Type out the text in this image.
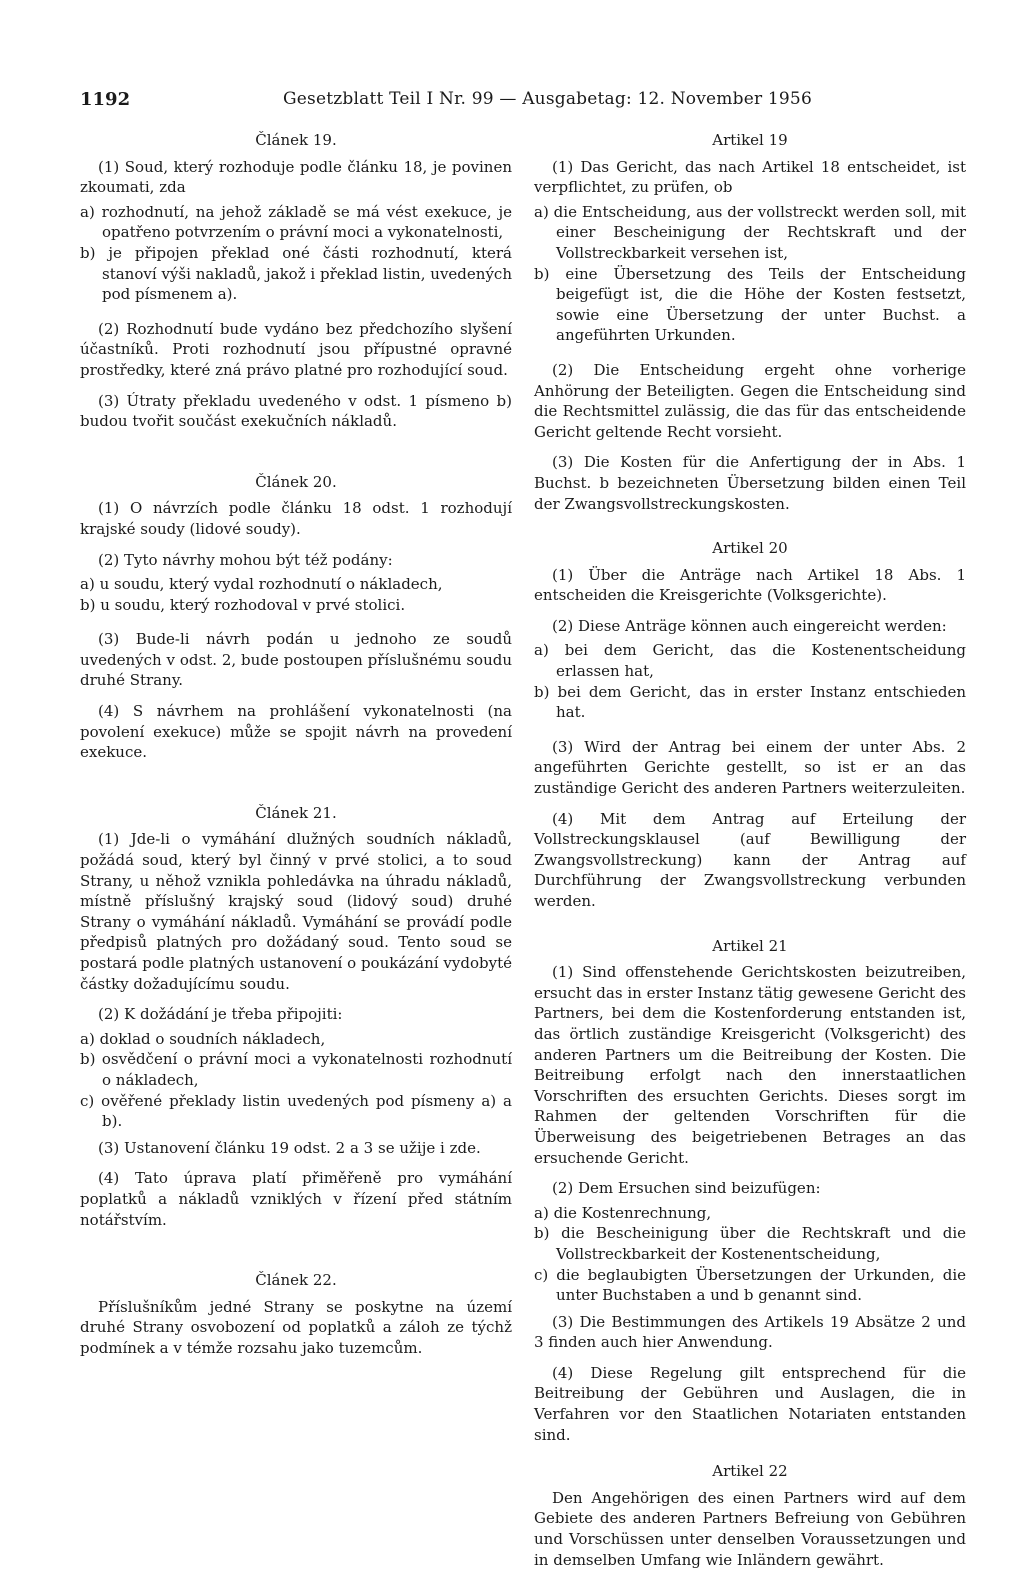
1192	Gesetzblatt Teil I Nr. 99 — Ausgabetag: 12. November 1956
Článek 19.

(1) Soud, který rozhoduje podle článku 18, je povinen zkoumati, zda

a) rozhodnutí, na jehož základě se má vést exekuce, je opatřeno potvrzením o právní moci a vykonatelnosti,

b) je připojen překlad oné části rozhodnutí, která stanoví výši nakladů, jakož i překlad listin, uvedených pod písmenem a).

(2) Rozhodnutí bude vydáno bez předchozího slyšení účastníků. Proti rozhodnutí jsou přípustné opravné prostředky, které zná právo platné pro rozhodující soud.

(3) Útraty překladu uvedeného v odst. 1 písmeno b) budou tvořit součást exekučních nákladů.

Článek 20.

(1) O návrzích podle článku 18 odst. 1 rozhodují krajské soudy (lidové soudy).

(2) Tyto návrhy mohou být též podány:

a) u soudu, který vydal rozhodnutí o nákladech,

b) u soudu, který rozhodoval v prvé stolici.

(3) Bude-li návrh podán u jednoho ze soudů uvedených v odst. 2, bude postoupen příslušnému soudu druhé Strany.

(4) S návrhem na prohlášení vykonatelnosti (na povolení exekuce) může se spojit návrh na provedení exekuce.

Článek 21.

(1) Jde-li o vymáhání dlužných soudních nákladů, požádá soud, který byl činný v prvé stolici, a to soud Strany, u něhož vznikla pohledávka na úhradu nákladů, místně příslušný krajský soud (lidový soud) druhé Strany o vymáhání nákladů. Vymáhání se provádí podle předpisů platných pro dožádaný soud. Tento soud se postará podle platných ustanovení o poukázání vydobyté částky dožadujícímu soudu.

(2) K dožádání je třeba připojiti:

a) doklad o soudních nákladech,

b) osvědčení o právní moci a vykonatelnosti rozhodnutí o nákladech,

c) ověřené překlady listin uvedených pod písmeny a) a b).

(3) Ustanovení článku 19 odst. 2 a 3 se užije i zde.

(4) Tato úprava platí přiměřeně pro vymáhání poplatků a nákladů vzniklých v řízení před státním notářstvím.

Článek 22.

Příslušníkům jedné Strany se poskytne na území druhé Strany osvobození od poplatků a záloh ze týchž podmínek a v témže rozsahu jako tuzemcům.

Artikel 19

(1) Das Gericht, das nach Artikel 18 entscheidet, ist verpflichtet, zu prüfen, ob

a) die Entscheidung, aus der vollstreckt werden soll, mit einer Bescheinigung der Rechtskraft und der Vollstreckbarkeit versehen ist,

b) eine Übersetzung des Teils der Entscheidung beigefügt ist, die die Höhe der Kosten festsetzt, sowie eine Übersetzung der unter Buchst. a angeführten Urkunden.

(2) Die Entscheidung ergeht ohne vorherige Anhörung der Beteiligten. Gegen die Entscheidung sind die Rechtsmittel zulässig, die das für das entscheidende Gericht geltende Recht vorsieht.

(3) Die Kosten für die Anfertigung der in Abs. 1 Buchst. b bezeichneten Übersetzung bilden einen Teil der Zwangsvollstreckungskosten.

Artikel 20

(1) Über die Anträge nach Artikel 18 Abs. 1 entscheiden die Kreisgerichte (Volksgerichte).

(2) Diese Anträge können auch eingereicht werden:

a) bei dem Gericht, das die Kostenentscheidung erlassen hat,

b) bei dem Gericht, das in erster Instanz entschieden hat.

(3) Wird der Antrag bei einem der unter Abs. 2 angeführten Gerichte gestellt, so ist er an das zuständige Gericht des anderen Partners weiterzuleiten.

(4) Mit dem Antrag auf Erteilung der Vollstreckungsklausel (auf Bewilligung der Zwangsvollstreckung) kann der Antrag auf Durchführung der Zwangsvollstreckung verbunden werden.

Artikel 21

(1) Sind offenstehende Gerichtskosten beizutreiben, ersucht das in erster Instanz tätig gewesene Gericht des Partners, bei dem die Kostenforderung entstanden ist, das örtlich zuständige Kreisgericht (Volksgericht) des anderen Partners um die Beitreibung der Kosten. Die Beitreibung erfolgt nach den innerstaatlichen Vorschriften des ersuchten Gerichts. Dieses sorgt im Rahmen der geltenden Vorschriften für die Überweisung des beigetriebenen Betrages an das ersuchende Gericht.

(2) Dem Ersuchen sind beizufügen:

a) die Kostenrechnung,

b) die Bescheinigung über die Rechtskraft und die Vollstreckbarkeit der Kostenentscheidung,

c) die beglaubigten Übersetzungen der Urkunden, die unter Buchstaben a und b genannt sind.

(3) Die Bestimmungen des Artikels 19 Absätze 2 und 3 finden auch hier Anwendung.

(4) Diese Regelung gilt entsprechend für die Beitreibung der Gebühren und Auslagen, die in Verfahren vor den Staatlichen Notariaten entstanden sind.

Artikel 22

Den Angehörigen des einen Partners wird auf dem Gebiete des anderen Partners Befreiung von Gebühren und Vorschüssen unter denselben Voraussetzungen und in demselben Umfang wie Inländern gewährt.
